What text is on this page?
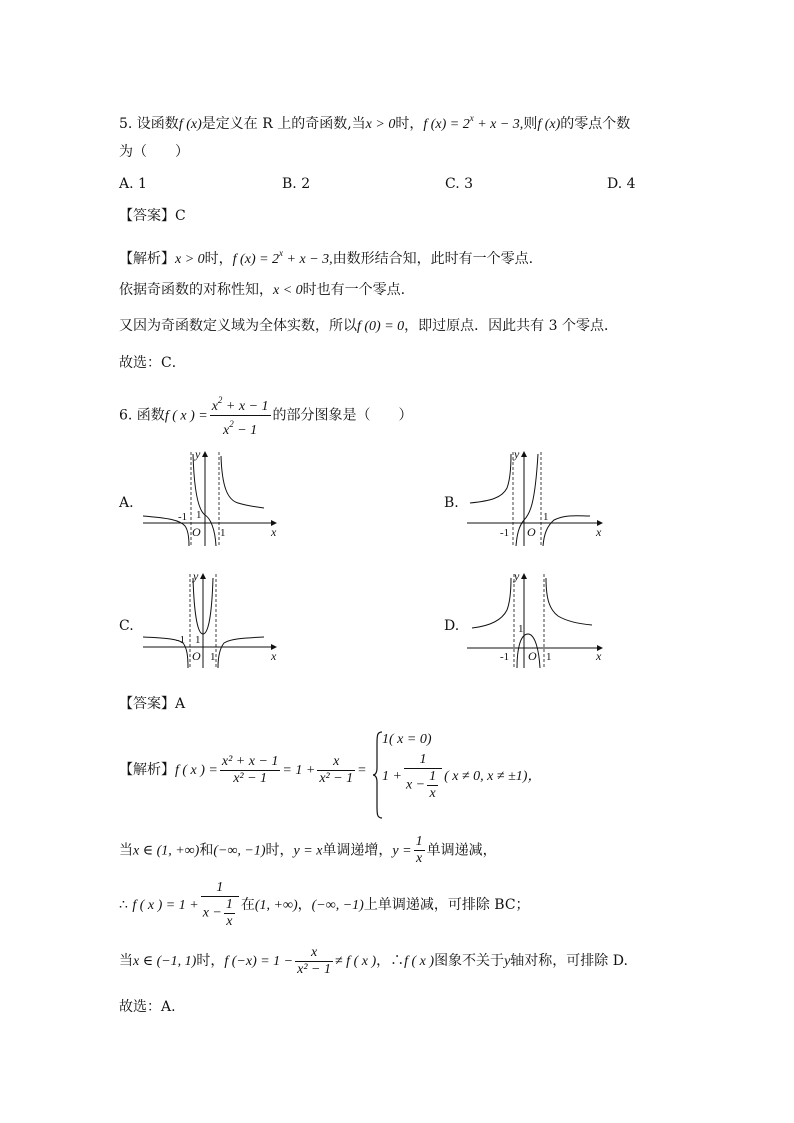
5. 设函数f (x)是定义在 R 上的奇函数,当x > 0时，f $(x) = 2^x + x - 3$,则f (x)的零点个数
为（　　）
A. 1	B. 2	C. 3	D. 4
【答案】C
【解析】x > 0时，f $(x) = 2^x + x - 3$,由数形结合知，此时有一个零点.
依据奇函数的对称性知，x < 0时也有一个零点.
又因为奇函数定义域为全体实数，所以f (0) = 0，即过原点．因此共有 3 个零点．
故选：C．
6. 函数f ( x ) = $\frac{x^2 + x - 1}{x^2 - 1}$ 的部分图象是（　　）
A.	B.
C.	D.
-1 1
O 1	x
y
-1 O
1
x
y
-1 1
O 1	x
y
-1
1
O 1	x
y
【答案】A
【解析】f ( x ) = $\frac{\text{x² + x − 1}}{\text{x² − 1}} = 1 + \frac{x}{\text{x² − 1}}$ =
1( x = 0)
$1 + \frac{1}{x - \frac{1}{x}}$ ( x ≠ 0, x ≠ ±1)，
当x ∈ (1, +∞)和(−∞, −1)时，y = x单调递增，$y = \frac{1}{x}$ 单调递减，
∴ f ( x ) = $1 + \frac{1}{x - \frac{1}{x}}$ 在(1, +∞)，(−∞, −1)上单调递减，可排除 BC；
当x ∈ (−1, 1)时，f $(-x) = 1 - \frac{x}{\text{x² − 1}} \ne f$ ( x )，∴f ( x )图象不关于y轴对称，可排除 D.
故选：A.
